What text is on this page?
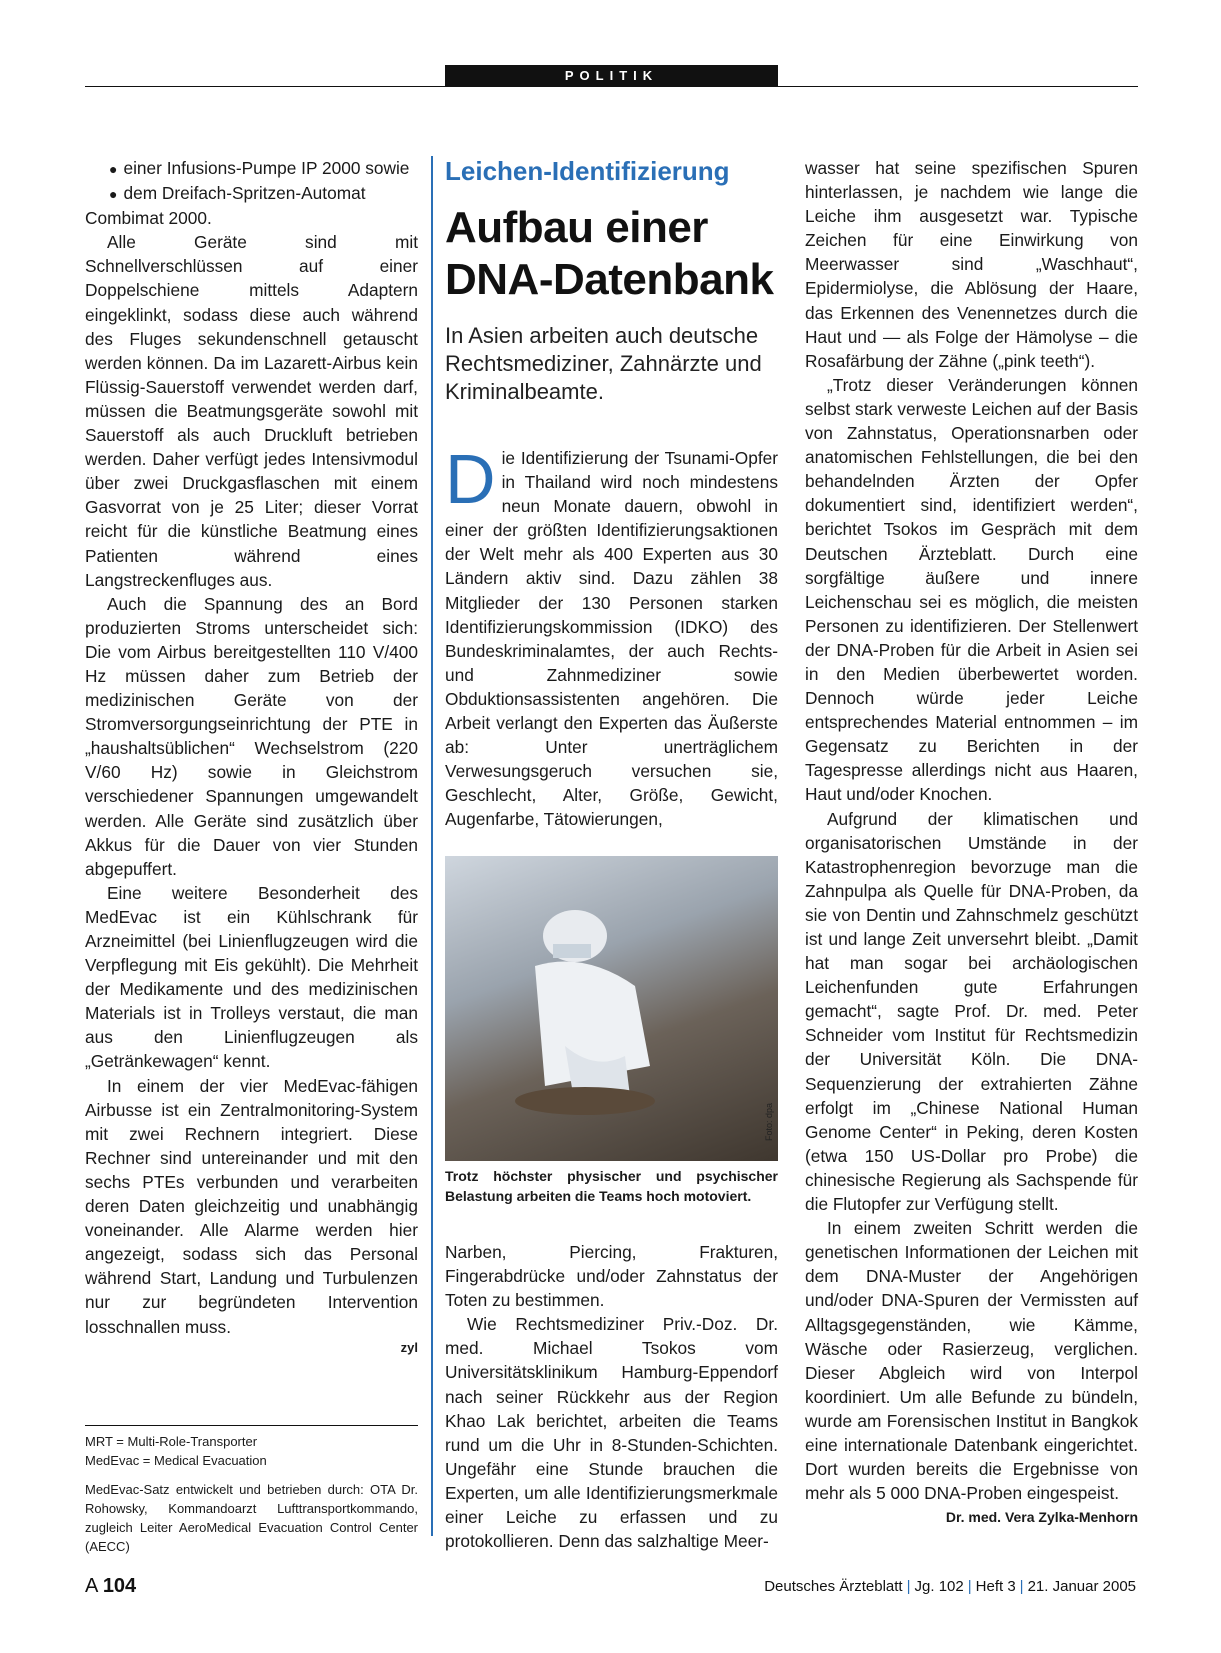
POLITIK

● einer Infusions-Pumpe IP 2000 sowie

● dem Dreifach-Spritzen-Automat Combimat 2000.

Alle Geräte sind mit Schnellverschlüssen auf einer Doppelschiene mittels Adaptern eingeklinkt, sodass diese auch während des Fluges sekundenschnell getauscht werden können. Da im Lazarett-Airbus kein Flüssig-Sauerstoff verwendet werden darf, müssen die Beatmungsgeräte sowohl mit Sauerstoff als auch Druckluft betrieben werden. Daher verfügt jedes Intensivmodul über zwei Druckgasflaschen mit einem Gasvorrat von je 25 Liter; dieser Vorrat reicht für die künstliche Beatmung eines Patienten während eines Langstreckenfluges aus.

Auch die Spannung des an Bord produzierten Stroms unterscheidet sich: Die vom Airbus bereitgestellten 110 V/400 Hz müssen daher zum Betrieb der medizinischen Geräte von der Stromversorgungseinrichtung der PTE in „haushaltsüblichen“ Wechselstrom (220 V/60 Hz) sowie in Gleichstrom verschiedener Spannungen umgewandelt werden. Alle Geräte sind zusätzlich über Akkus für die Dauer von vier Stunden abgepuffert.

Eine weitere Besonderheit des MedEvac ist ein Kühlschrank für Arzneimittel (bei Linienflugzeugen wird die Verpflegung mit Eis gekühlt). Die Mehrheit der Medikamente und des medizinischen Materials ist in Trolleys verstaut, die man aus den Linienflugzeugen als „Getränkewagen“ kennt.

In einem der vier MedEvac-fähigen Airbusse ist ein Zentralmonitoring-System mit zwei Rechnern integriert. Diese Rechner sind untereinander und mit den sechs PTEs verbunden und verarbeiten deren Daten gleichzeitig und unabhängig voneinander. Alle Alarme werden hier angezeigt, sodass sich das Personal während Start, Landung und Turbulenzen nur zur begründeten Intervention losschnallen muss.

zyl

MRT = Multi-Role-Transporter

MedEvac = Medical Evacuation

MedEvac-Satz entwickelt und betrieben durch: OTA Dr. Rohowsky, Kommandoarzt Lufttransportkommando, zugleich Leiter AeroMedical Evacuation Control Center (AECC)

Leichen-Identifizierung
Aufbau einer DNA-Datenbank
In Asien arbeiten auch deutsche Rechtsmediziner, Zahnärzte und Kriminalbeamte.

Die Identifizierung der Tsunami-Opfer in Thailand wird noch mindestens neun Monate dauern, obwohl in einer der größten Identifizierungsaktionen der Welt mehr als 400 Experten aus 30 Ländern aktiv sind. Dazu zählen 38 Mitglieder der 130 Personen starken Identifizierungskommission (IDKO) des Bundeskriminalamtes, der auch Rechts- und Zahnmediziner sowie Obduktionsassistenten angehören. Die Arbeit verlangt den Experten das Äußerste ab: Unter unerträglichem Verwesungsgeruch versuchen sie, Geschlecht, Alter, Größe, Gewicht, Augenfarbe, Tätowierungen,

Foto: dpa
Trotz höchster physischer und psychischer Belastung arbeiten die Teams hoch motoviert.

Narben, Piercing, Frakturen, Fingerabdrücke und/oder Zahnstatus der Toten zu bestimmen.

Wie Rechtsmediziner Priv.-Doz. Dr. med. Michael Tsokos vom Universitätsklinikum Hamburg-Eppendorf nach seiner Rückkehr aus der Region Khao Lak berichtet, arbeiten die Teams rund um die Uhr in 8-Stunden-Schichten. Ungefähr eine Stunde brauchen die Experten, um alle Identifizierungsmerkmale einer Leiche zu erfassen und zu protokollieren. Denn das salzhaltige Meer-

wasser hat seine spezifischen Spuren hinterlassen, je nachdem wie lange die Leiche ihm ausgesetzt war. Typische Zeichen für eine Einwirkung von Meerwasser sind „Waschhaut“, Epidermiolyse, die Ablösung der Haare, das Erkennen des Venennetzes durch die Haut und — als Folge der Hämolyse – die Rosafärbung der Zähne („pink teeth“).

„Trotz dieser Veränderungen können selbst stark verweste Leichen auf der Basis von Zahnstatus, Operationsnarben oder anatomischen Fehlstellungen, die bei den behandelnden Ärzten der Opfer dokumentiert sind, identifiziert werden“, berichtet Tsokos im Gespräch mit dem Deutschen Ärzteblatt. Durch eine sorgfältige äußere und innere Leichenschau sei es möglich, die meisten Personen zu identifizieren. Der Stellenwert der DNA-Proben für die Arbeit in Asien sei in den Medien überbewertet worden. Dennoch würde jeder Leiche entsprechendes Material entnommen – im Gegensatz zu Berichten in der Tagespresse allerdings nicht aus Haaren, Haut und/oder Knochen.

Aufgrund der klimatischen und organisatorischen Umstände in der Katastrophenregion bevorzuge man die Zahnpulpa als Quelle für DNA-Proben, da sie von Dentin und Zahnschmelz geschützt ist und lange Zeit unversehrt bleibt. „Damit hat man sogar bei archäologischen Leichenfunden gute Erfahrungen gemacht“, sagte Prof. Dr. med. Peter Schneider vom Institut für Rechtsmedizin der Universität Köln. Die DNA-Sequenzierung der extrahierten Zähne erfolgt im „Chinese National Human Genome Center“ in Peking, deren Kosten (etwa 150 US-Dollar pro Probe) die chinesische Regierung als Sachspende für die Flutopfer zur Verfügung stellt.

In einem zweiten Schritt werden die genetischen Informationen der Leichen mit dem DNA-Muster der Angehörigen und/oder DNA-Spuren der Vermissten auf Alltagsgegenständen, wie Kämme, Wäsche oder Rasierzeug, verglichen. Dieser Abgleich wird von Interpol koordiniert. Um alle Befunde zu bündeln, wurde am Forensischen Institut in Bangkok eine internationale Datenbank eingerichtet. Dort wurden bereits die Ergebnisse von mehr als 5 000 DNA-Proben eingespeist.

Dr. med. Vera Zylka-Menhorn
A 104	Deutsches Ärzteblatt | Jg. 102 | Heft 3 | 21. Januar 2005
